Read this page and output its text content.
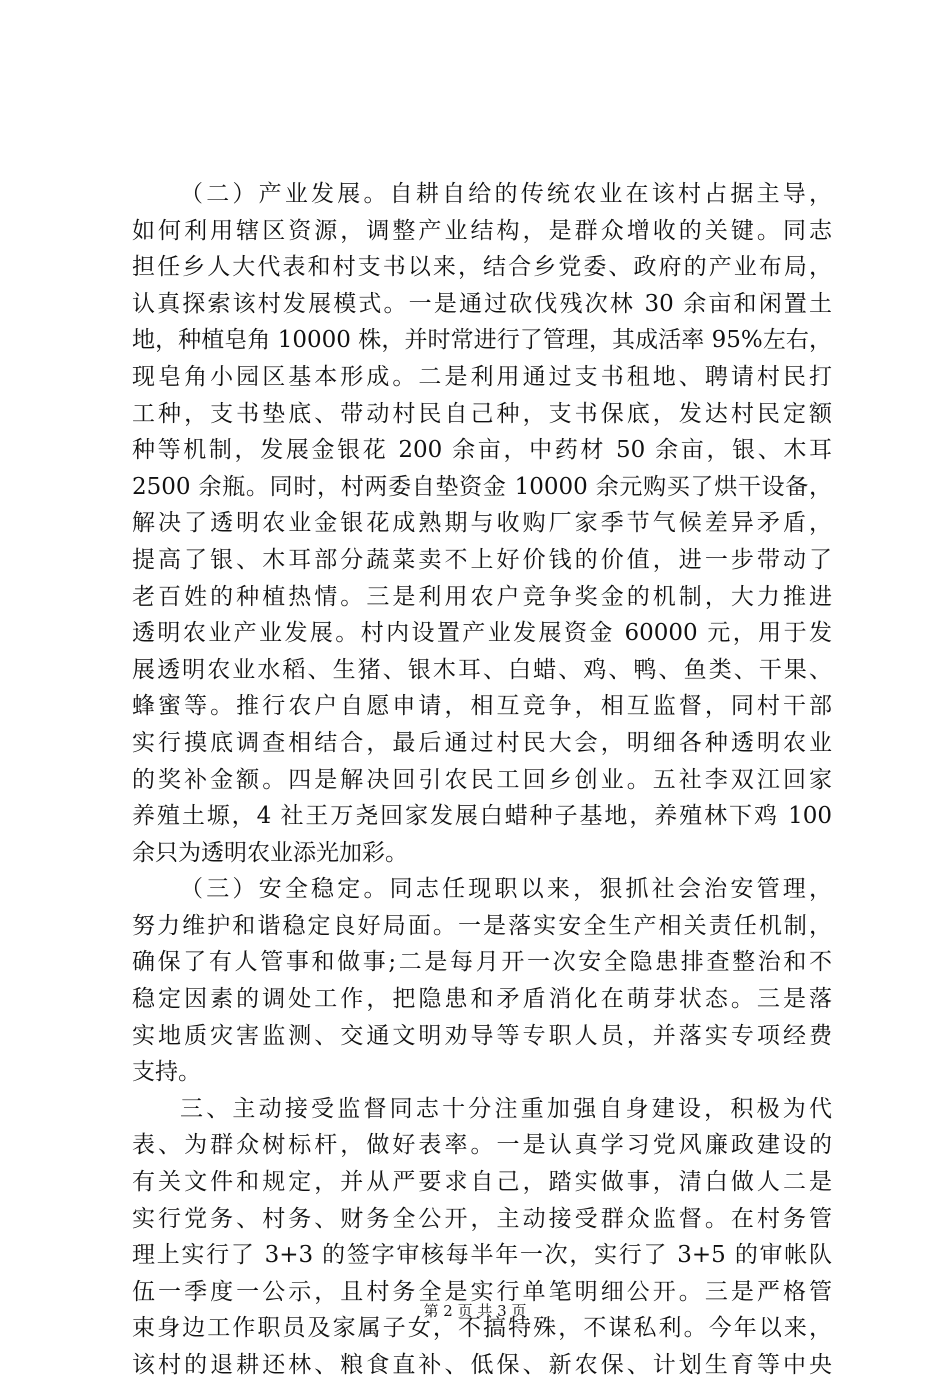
（二）产业发展。自耕自给的传统农业在该村占据主导，
如何利用辖区资源，调整产业结构，是群众增收的关键。同志
担任乡人大代表和村支书以来，结合乡党委、政府的产业布局，
认真探索该村发展模式。一是通过砍伐残次林 30 余亩和闲置土
地，种植皂角 10000 株，并时常进行了管理，其成活率 95%左右，
现皂角小园区基本形成。二是利用通过支书租地、聘请村民打
工种，支书垫底、带动村民自己种，支书保底，发达村民定额
种等机制，发展金银花 200 余亩，中药材 50 余亩，银、木耳
2500 余瓶。同时，村两委自垫资金 10000 余元购买了烘干设备，
解决了透明农业金银花成熟期与收购厂家季节气候差异矛盾，
提高了银、木耳部分蔬菜卖不上好价钱的价值，进一步带动了
老百姓的种植热情。三是利用农户竞争奖金的机制，大力推进
透明农业产业发展。村内设置产业发展资金 60000 元，用于发
展透明农业水稻、生猪、银木耳、白蜡、鸡、鸭、鱼类、干果、
蜂蜜等。推行农户自愿申请，相互竞争，相互监督，同村干部
实行摸底调查相结合，最后通过村民大会，明细各种透明农业
的奖补金额。四是解决回引农民工回乡创业。五社李双江回家
养殖土塬，4 社王万尧回家发展白蜡种子基地，养殖林下鸡 100
余只为透明农业添光加彩。
（三）安全稳定。同志任现职以来，狠抓社会治安管理，
努力维护和谐稳定良好局面。一是落实安全生产相关责任机制，
确保了有人管事和做事;二是每月开一次安全隐患排查整治和不
稳定因素的调处工作，把隐患和矛盾消化在萌芽状态。三是落
实地质灾害监测、交通文明劝导等专职人员，并落实专项经费
支持。
三、主动接受监督同志十分注重加强自身建设，积极为代
表、为群众树标杆，做好表率。一是认真学习党风廉政建设的
有关文件和规定，并从严要求自己，踏实做事，清白做人二是
实行党务、村务、财务全公开，主动接受群众监督。在村务管
理上实行了 3+3 的签字审核每半年一次，实行了 3+5 的审帐队
伍一季度一公示，且村务全是实行单笔明细公开。三是严格管
束身边工作职员及家属子女，不搞特殊，不谋私利。今年以来，
该村的退耕还林、粮食直补、低保、新农保、计划生育等中央
第 2 页 共 3 页
